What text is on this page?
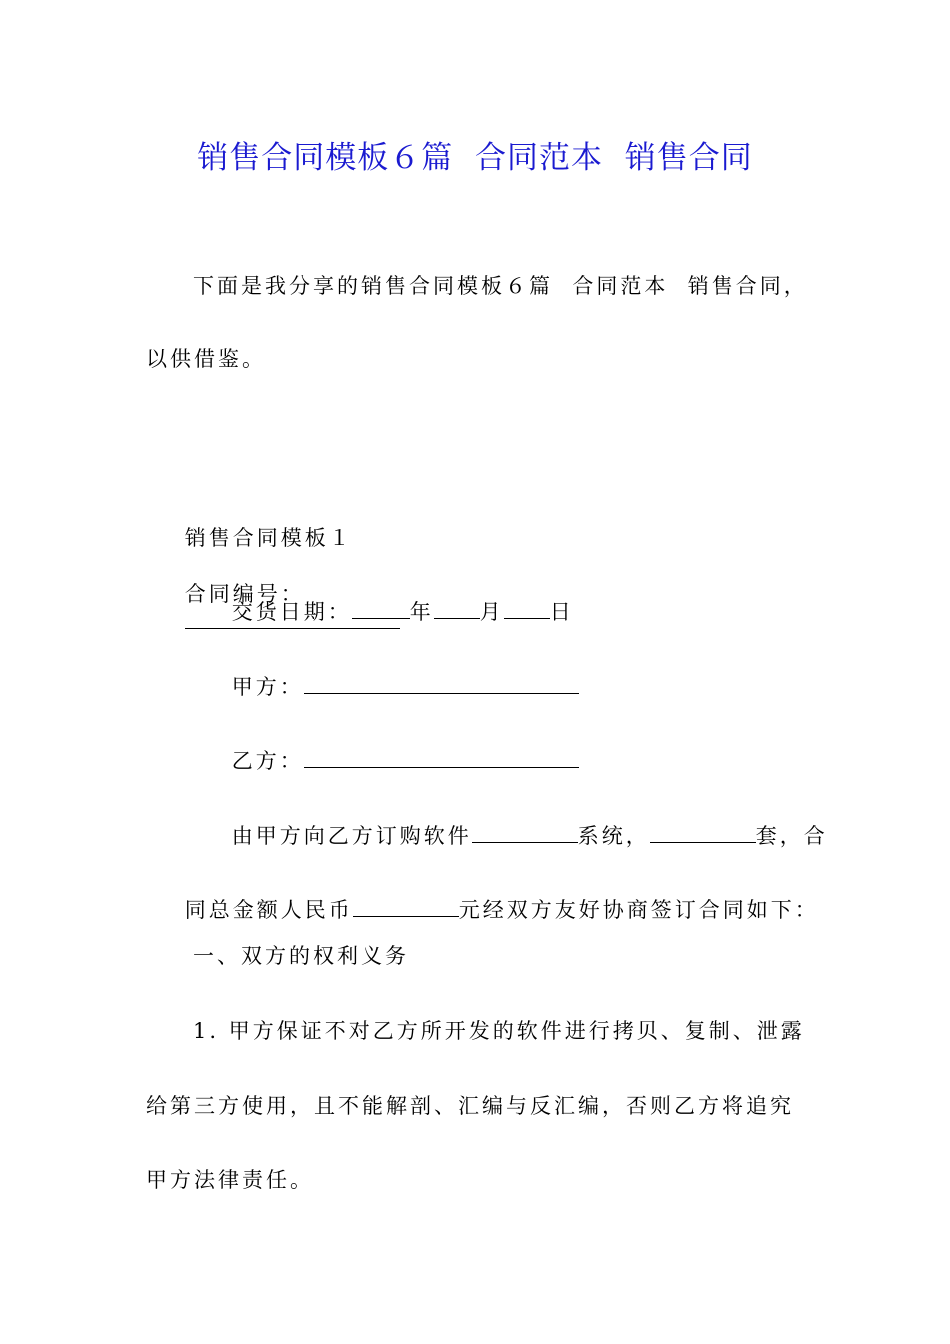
销售合同模板６篇  合同范本  销售合同
下面是我分享的销售合同模板６篇  合同范本  销售合同，
以供借鉴。

销售合同模板１

合同编号：

交货日期：	年 月 日

甲方：

乙方：

由甲方向乙方订购软件	系统，	套，合

同总金额人民币	元经双方友好协商签订合同如下：

一、双方的权利义务
1. 甲方保证不对乙方所开发的软件进行拷贝、复制、泄露
给第三方使用，且不能解剖、汇编与反汇编，否则乙方将追究
甲方法律责任。
